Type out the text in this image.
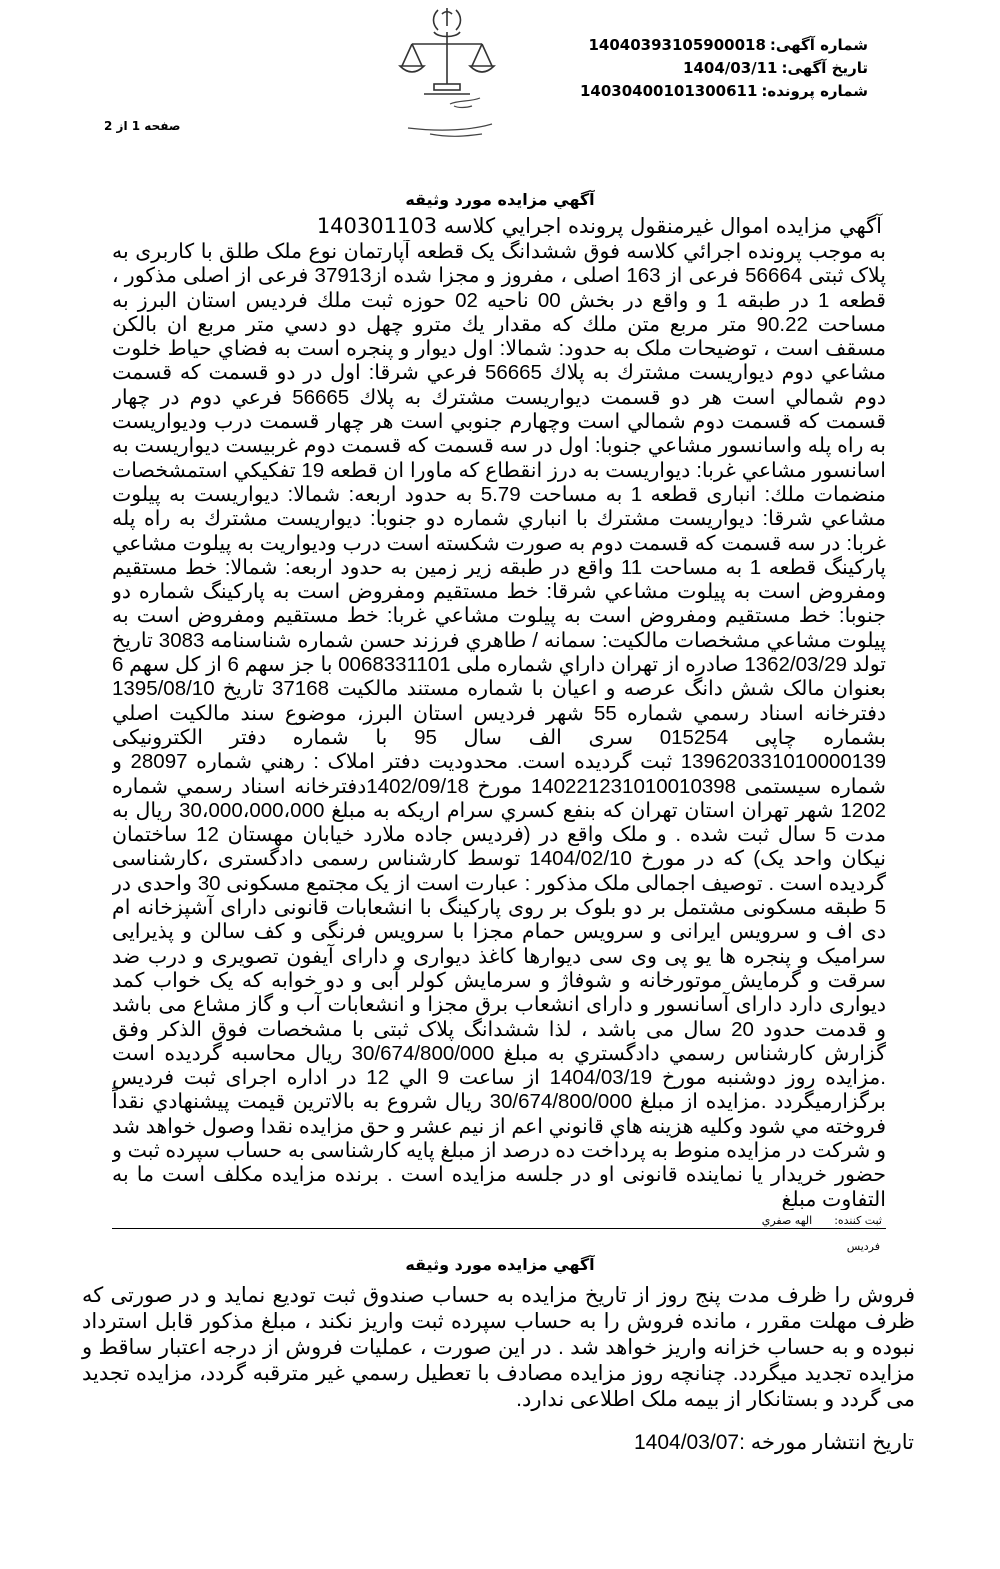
شماره آگهی:14040393105900018
تاریخ آگهی:1404/03/11
شماره پرونده:14030400101300611
صفحه 1 از 2
آگهي مزايده مورد وثيقه
آگهي مزايده اموال غيرمنقول پرونده اجرايي كلاسه 140301103
به موجب پرونده اجرائي كلاسه فوق ششدانگ يک قطعه آپارتمان نوع ملک طلق با كاربری به پلاک ثبتی 56664 فرعی از 163 اصلی ، مفروز و مجزا شده از37913 فرعی از اصلی مذکور ، قطعه 1 در طبقه 1 و واقع در بخش 00 ناحيه 02 حوزه ثبت ملك فرديس استان البرز به مساحت 90.22 متر مربع متن ملك كه مقدار يك مترو چهل دو دسي متر مربع ان بالكن مسقف است ، توضيحات ملک به حدود: شمالا: اول ديوار و پنجره است به فضاي حياط خلوت مشاعي دوم ديواريست مشترك به پلاك 56665 فرعي شرقا: اول در دو قسمت كه قسمت دوم شمالي است هر دو قسمت ديواريست مشترك به پلاك 56665 فرعي دوم در چهار قسمت كه قسمت دوم شمالي است وچهارم جنوبي است هر چهار قسمت درب وديواريست به راه پله واسانسور مشاعي جنوبا: اول در سه قسمت كه قسمت دوم غربيست ديواريست به اسانسور مشاعي غربا: ديواريست به درز انقطاع كه ماورا ان قطعه 19 تفكيكي استمشخصات منضمات ملك: انباری قطعه 1 به مساحت 5.79 به حدود اربعه: شمالا: ديواريست به پيلوت مشاعي شرقا: ديواريست مشترك با انباري شماره دو جنوبا: ديواريست مشترك به راه پله غربا: در سه قسمت كه قسمت دوم به صورت شكسته است درب وديواريت به پيلوت مشاعي پاركينگ قطعه 1 به مساحت 11 واقع در طبقه زير زمين به حدود اربعه: شمالا: خط مستقيم ومفروض است به پيلوت مشاعي شرقا: خط مستقيم ومفروض است به پاركينگ شماره دو جنوبا: خط مستقيم ومفروض است به پيلوت مشاعي غربا: خط مستقيم ومفروض است به پيلوت مشاعي مشخصات مالكيت: سمانه / طاهري فرزند حسن شماره شناسنامه 3083 تاريخ تولد 1362/03/29 صادره از تهران داراي شماره ملی 0068331101 با جز سهم 6 از كل سهم 6 بعنوان مالک شش دانگ عرصه و اعيان با شماره مستند مالكيت 37168 تاريخ 1395/08/10 دفترخانه اسناد رسمي شماره 55 شهر فرديس استان البرز، موضوع سند مالكيت اصلي بشماره چاپی 015254 سری الف سال 95 با شماره دفتر الكترونيكی 139620331010000139 ثبت گرديده است. محدوديت دفتر املاک : رهني شماره 28097 و شماره سيستمی 140221231010010398 مورخ 1402/09/18دفترخانه اسناد رسمي شماره 1202 شهر تهران استان تهران كه بنفع كسري سرام اريكه به مبلغ 30،000،000،000 ريال به مدت 5 سال ثبت شده . و ملک واقع در (فرديس جاده ملارد خيابان مهستان 12 ساختمان نيكان واحد يک) كه در مورخ 1404/02/10 توسط كارشناس رسمی دادگستری ،كارشناسی گرديده است . توصيف اجمالی ملک مذكور : عبارت است از يک مجتمع مسكونی 30 واحدی در 5 طبقه مسكونی مشتمل بر دو بلوک بر روی پاركينگ با انشعابات قانونی دارای آشپزخانه ام دی اف و سرويس ايرانی و سرويس حمام مجزا با سرويس فرنگی و كف سالن و پذيرايی سراميک و پنجره ها يو پی وی سی ديوارها كاغذ ديواری و دارای آيفون تصويری و درب ضد سرقت و گرمايش موتورخانه و شوفاژ و سرمايش كولر آبی و دو خوابه كه يک خواب كمد ديواری دارد دارای آسانسور و دارای انشعاب برق مجزا و انشعابات آب و گاز مشاع می باشد و قدمت حدود 20 سال می باشد ، لذا ششدانگ پلاک ثبتی با مشخصات فوق الذكر وفق گزارش كارشناس رسمي دادگستري به مبلغ 30/674/800/000 ريال محاسبه گرديده است .مزايده روز دوشنبه مورخ 1404/03/19 از ساعت 9 الي 12 در اداره اجرای ثبت فرديس برگزارميگردد .مزايده از مبلغ 30/674/800/000 ريال شروع به بالاترين قيمت پيشنهادي نقداً فروخته مي شود وكليه هزينه هاي قانوني اعم از نيم عشر و حق مزايده نقدا وصول خواهد شد و شركت در مزايده منوط به پرداخت ده درصد از مبلغ پايه كارشناسی به حساب سپرده ثبت و حضور خريدار يا نماينده قانونی او در جلسه مزايده است . برنده مزايده مكلف است ما به التفاوت مبلغ
ثبت كننده:الهه صفري
فرديس
آگهي مزايده مورد وثيقه
فروش را ظرف مدت پنج روز از تاريخ مزايده به حساب صندوق ثبت توديع نمايد و در صورتی كه ظرف مهلت مقرر ، مانده فروش را به حساب سپرده ثبت واريز نكند ، مبلغ مذكور قابل استرداد نبوده و به حساب خزانه واريز خواهد شد . در اين صورت ، عمليات فروش از درجه اعتبار ساقط و مزايده تجديد ميگردد. چنانچه روز مزايده مصادف با تعطيل رسمي غير مترقبه گردد، مزايده تجديد می گردد و بستانكار از بيمه ملک اطلاعی ندارد.
تاريخ انتشار مورخه :1404/03/07
